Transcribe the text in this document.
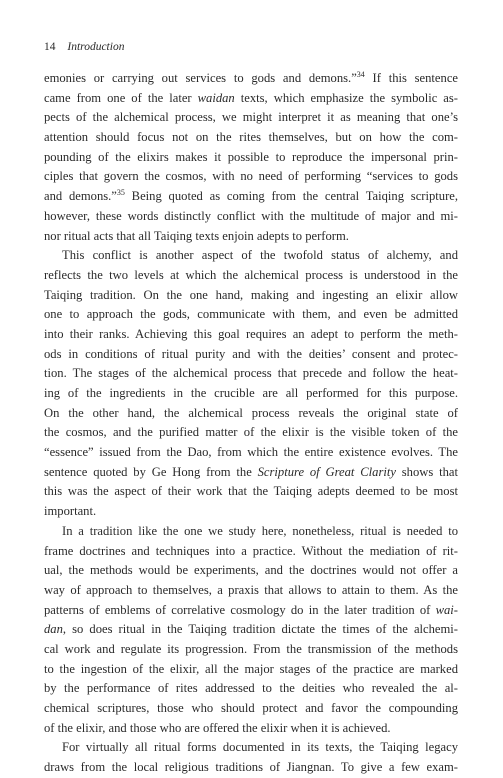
14 Introduction

emonies or carrying out services to gods and demons.”$^{34}$ If this sentence
came from one of the later waidan texts, which emphasize the symbolic as-
pects of the alchemical process, we might interpret it as meaning that one’s
attention should focus not on the rites themselves, but on how the com-
pounding of the elixirs makes it possible to reproduce the impersonal prin-
ciples that govern the cosmos, with no need of performing “services to gods
and demons.”$^{35}$ Being quoted as coming from the central Taiqing scripture,
however, these words distinctly conflict with the multitude of major and mi-
nor ritual acts that all Taiqing texts enjoin adepts to perform.

This conflict is another aspect of the twofold status of alchemy, and
reflects the two levels at which the alchemical process is understood in the
Taiqing tradition. On the one hand, making and ingesting an elixir allow
one to approach the gods, communicate with them, and even be admitted
into their ranks. Achieving this goal requires an adept to perform the meth-
ods in conditions of ritual purity and with the deities’ consent and protec-
tion. The stages of the alchemical process that precede and follow the heat-
ing of the ingredients in the crucible are all performed for this purpose.
On the other hand, the alchemical process reveals the original state of
the cosmos, and the purified matter of the elixir is the visible token of the
“essence” issued from the Dao, from which the entire existence evolves. The
sentence quoted by Ge Hong from the Scripture of Great Clarity shows that
this was the aspect of their work that the Taiqing adepts deemed to be most
important.

In a tradition like the one we study here, nonetheless, ritual is needed to
frame doctrines and techniques into a practice. Without the mediation of rit-
ual, the methods would be experiments, and the doctrines would not offer a
way of approach to themselves, a praxis that allows to attain to them. As the
patterns of emblems of correlative cosmology do in the later tradition of wai-
dan, so does ritual in the Taiqing tradition dictate the times of the alchemi-
cal work and regulate its progression. From the transmission of the methods
to the ingestion of the elixir, all the major stages of the practice are marked
by the performance of rites addressed to the deities who revealed the al-
chemical scriptures, those who should protect and favor the compounding
of the elixir, and those who are offered the elixir when it is achieved.

For virtually all ritual forms documented in its texts, the Taiqing legacy
draws from the local religious traditions of Jiangnan. To give a few exam-
